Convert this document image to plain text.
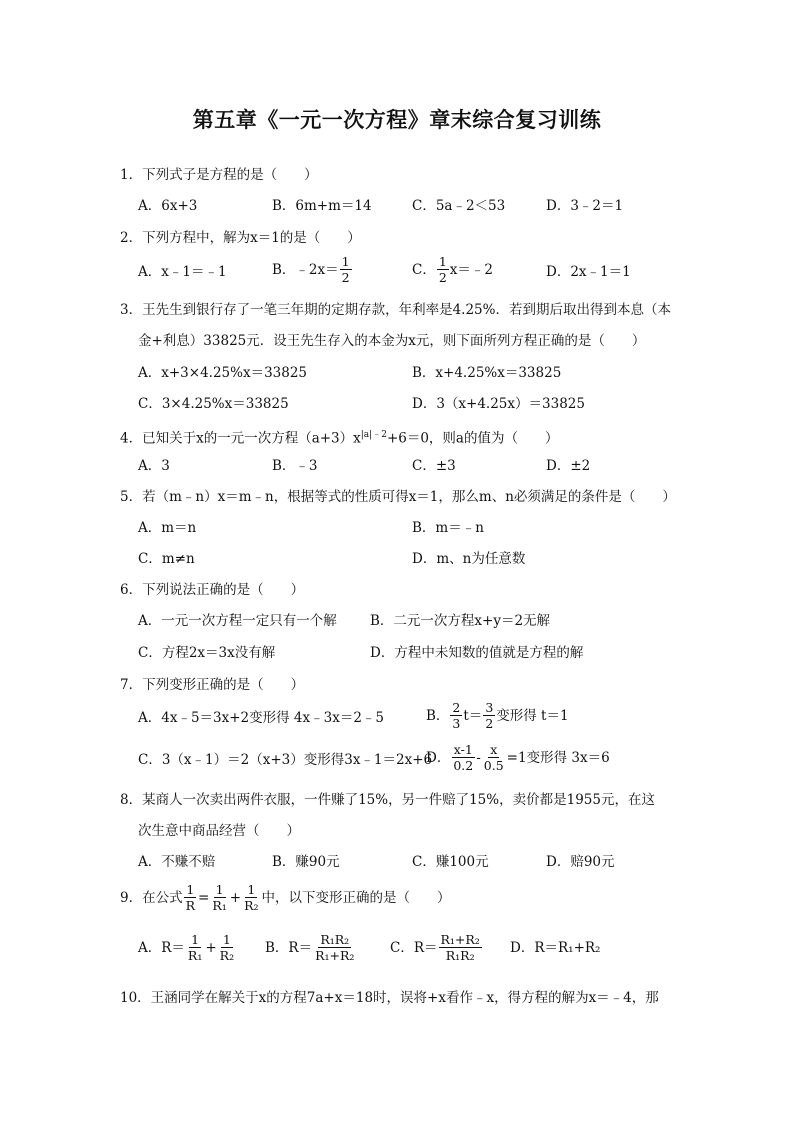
第五章《一元一次方程》章末综合复习训练
1．下列式子是方程的是（　　）
A．6x+3	B．6m+m＝14	C．5a﹣2＜53	D．3﹣2＝1
2．下列方程中，解为x＝1的是（　　）
A．x﹣1＝﹣1	B．﹣2x＝ $\frac{1}{2}$	C． $\frac{1}{2}$ x＝﹣2	D．2x﹣1＝1
3．王先生到银行存了一笔三年期的定期存款，年利率是4.25%．若到期后取出得到本息（本
金+利息）33825元．设王先生存入的本金为x元，则下面所列方程正确的是（　　）
A．x+3×4.25%x＝33825	B．x+4.25%x＝33825
C．3×4.25%x＝33825	D．3（x+4.25x）＝33825
4．已知关于x的一元一次方程$(a+3)x^{|a|﹣2}+6=0$，则a的值为（　　）
A．3	B．﹣3	C．±3	D．±2
5．若（m﹣n）x＝m﹣n，根据等式的性质可得x＝1，那么m、n必须满足的条件是（　　）
A．m＝n	B．m＝﹣n
C．m≠n	D．m、n为任意数
6．下列说法正确的是（　　）
A．一元一次方程一定只有一个解 B．二元一次方程x+y＝2无解
C．方程2x＝3x没有解	D．方程中未知数的值就是方程的解
7．下列变形正确的是（　　）
A．4x﹣5＝3x+2变形得 4x﹣3x＝2﹣5	B． $\frac{2}{3} t= \frac{3}{2}$ 变形得 t＝1
C．3（x﹣1）＝2（x+3）变形得3x﹣1＝2x+6
D． $\frac{x-1}{0.2} - \frac{x}{0.5} =1$变形得 3x＝6
8．某商人一次卖出两件衣服，一件赚了15%，另一件赔了15%，卖价都是1955元，在这
次生意中商品经营（　　）
A．不赚不赔	B．赚90元	C．赚100元	D．赔90元
9．在公式 $\frac{1}{R} = \frac{1}{\text{R₁}} + \frac{1}{\text{R₂}}$ 中，以下变形正确的是（　　）
A．$R= \frac{1}{\text{R₁}} + \frac{1}{\text{R₂}}$ B．$R= \frac{\text{R₁R₂}}{\text{R₁+R₂}}$ C．$R= \frac{\text{R₁+R₂}}{\text{R₁R₂}}$ D．R＝R₁+R₂
10．王涵同学在解关于x的方程7a+x＝18时，误将+x看作﹣x，得方程的解为x＝﹣4，那
